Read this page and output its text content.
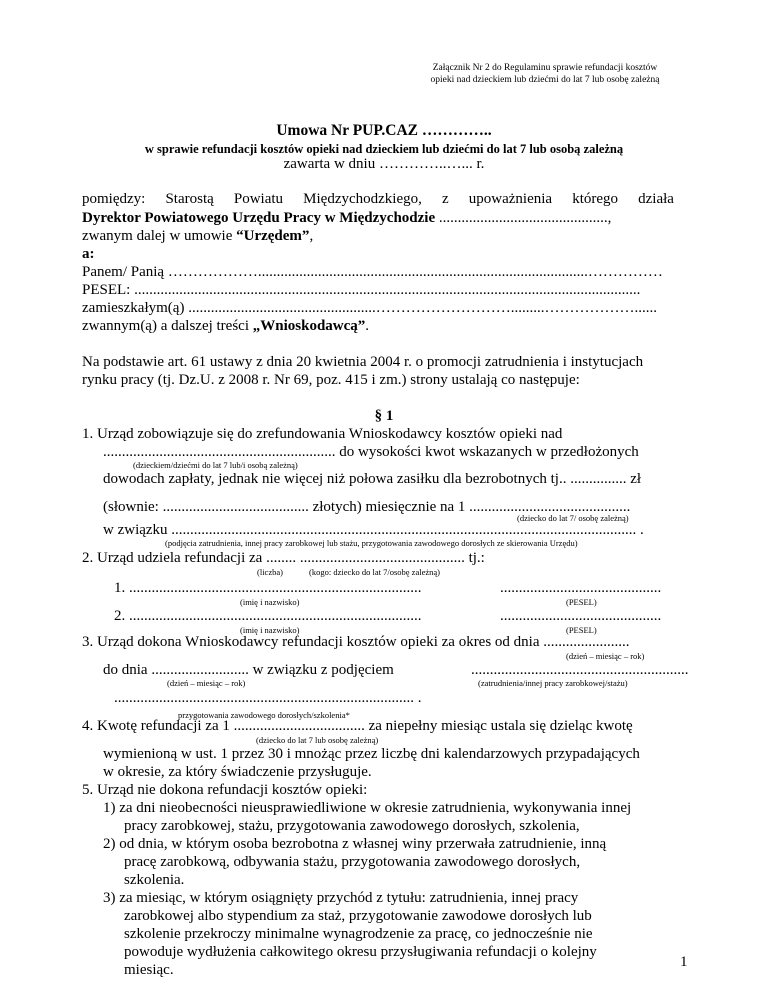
Załącznik Nr 2 do Regulaminu sprawie refundacji kosztów
opieki nad dzieckiem lub dziećmi do lat 7 lub osobę zależną
Umowa Nr PUP.CAZ …………..
w sprawie refundacji kosztów opieki nad dzieckiem lub dziećmi do lat 7 lub osobą zależną
zawarta w dniu …………..…... r.
pomiędzy: Starostą Powiatu Międzychodzkiego, z upoważnienia którego działa
Dyrektor Powiatowego Urzędu Pracy w Międzychodzie .............................................,
zwanym dalej w umowie “Urzędem”,
a:
Panem/ Panią ………………........................................................................................……………
PESEL: .......................................................................................................................................
zamieszkałym(ą) ..................................................……………………….........………………......
zwannym(ą) a dalszej treści „Wnioskodawcą”.
Na podstawie art. 61 ustawy z dnia 20 kwietnia 2004 r. o promocji zatrudnienia i instytucjach
rynku pracy (tj. Dz.U. z 2008 r. Nr 69, poz. 415 i zm.) strony ustalają co następuje:
§ 1
1. Urząd zobowiązuje się do zrefundowania Wnioskodawcy kosztów opieki nad
.............................................................. do wysokości kwot wskazanych w przedłożonych
(dzieckiem/dziećmi do lat 7 lub/i osobą zależną)
dowodach zapłaty, jednak nie więcej niż połowa zasiłku dla bezrobotnych tj.. ............... zł
(słownie: ....................................... złotych) miesięcznie na 1 ...........................................
(dziecko do lat 7/ osobę zależną)
w związku ............................................................................................................................ .
(podjęcia zatrudnienia, innej pracy zarobkowej lub stażu, przygotowania zawodowego dorosłych ze skierowania Urzędu)
2. Urząd udziela refundacji za ........ ............................................ tj.:
(liczba)	(kogo: dziecko do lat 7/osobę zależną)
1. ..............................................................................	...........................................
(imię i nazwisko)	(PESEL)
2. ..............................................................................	...........................................
(imię i nazwisko)	(PESEL)
3. Urząd dokona Wnioskodawcy refundacji kosztów opieki za okres od dnia .......................
(dzień – miesiąc – rok)
do dnia .......................... w związku z podjęciem	..........................................................
(dzień – miesiąc – rok)	(zatrudnienia/innej pracy zarobkowej/stażu)
................................................................................ .
przygotowania zawodowego dorosłych/szkolenia*
4. Kwotę refundacji za 1 ................................... za niepełny miesiąc ustala się dzieląc kwotę
(dziecko do lat 7 lub osobę zależną)
wymienioną w ust. 1 przez 30 i mnożąc przez liczbę dni kalendarzowych przypadających
w okresie, za który świadczenie przysługuje.
5. Urząd nie dokona refundacji kosztów opieki:
1) za dni nieobecności nieusprawiedliwione w okresie zatrudnienia, wykonywania innej
pracy zarobkowej, stażu, przygotowania zawodowego dorosłych, szkolenia,
2) od dnia, w którym osoba bezrobotna z własnej winy przerwała zatrudnienie, inną
pracę zarobkową, odbywania stażu, przygotowania zawodowego dorosłych,
szkolenia.
3) za miesiąc, w którym osiągnięty przychód z tytułu: zatrudnienia, innej pracy
zarobkowej albo stypendium za staż, przygotowanie zawodowe dorosłych lub
szkolenie przekroczy minimalne wynagrodzenie za pracę, co jednocześnie nie
powoduje wydłużenia całkowitego okresu przysługiwania refundacji o kolejny
miesiąc.	1
